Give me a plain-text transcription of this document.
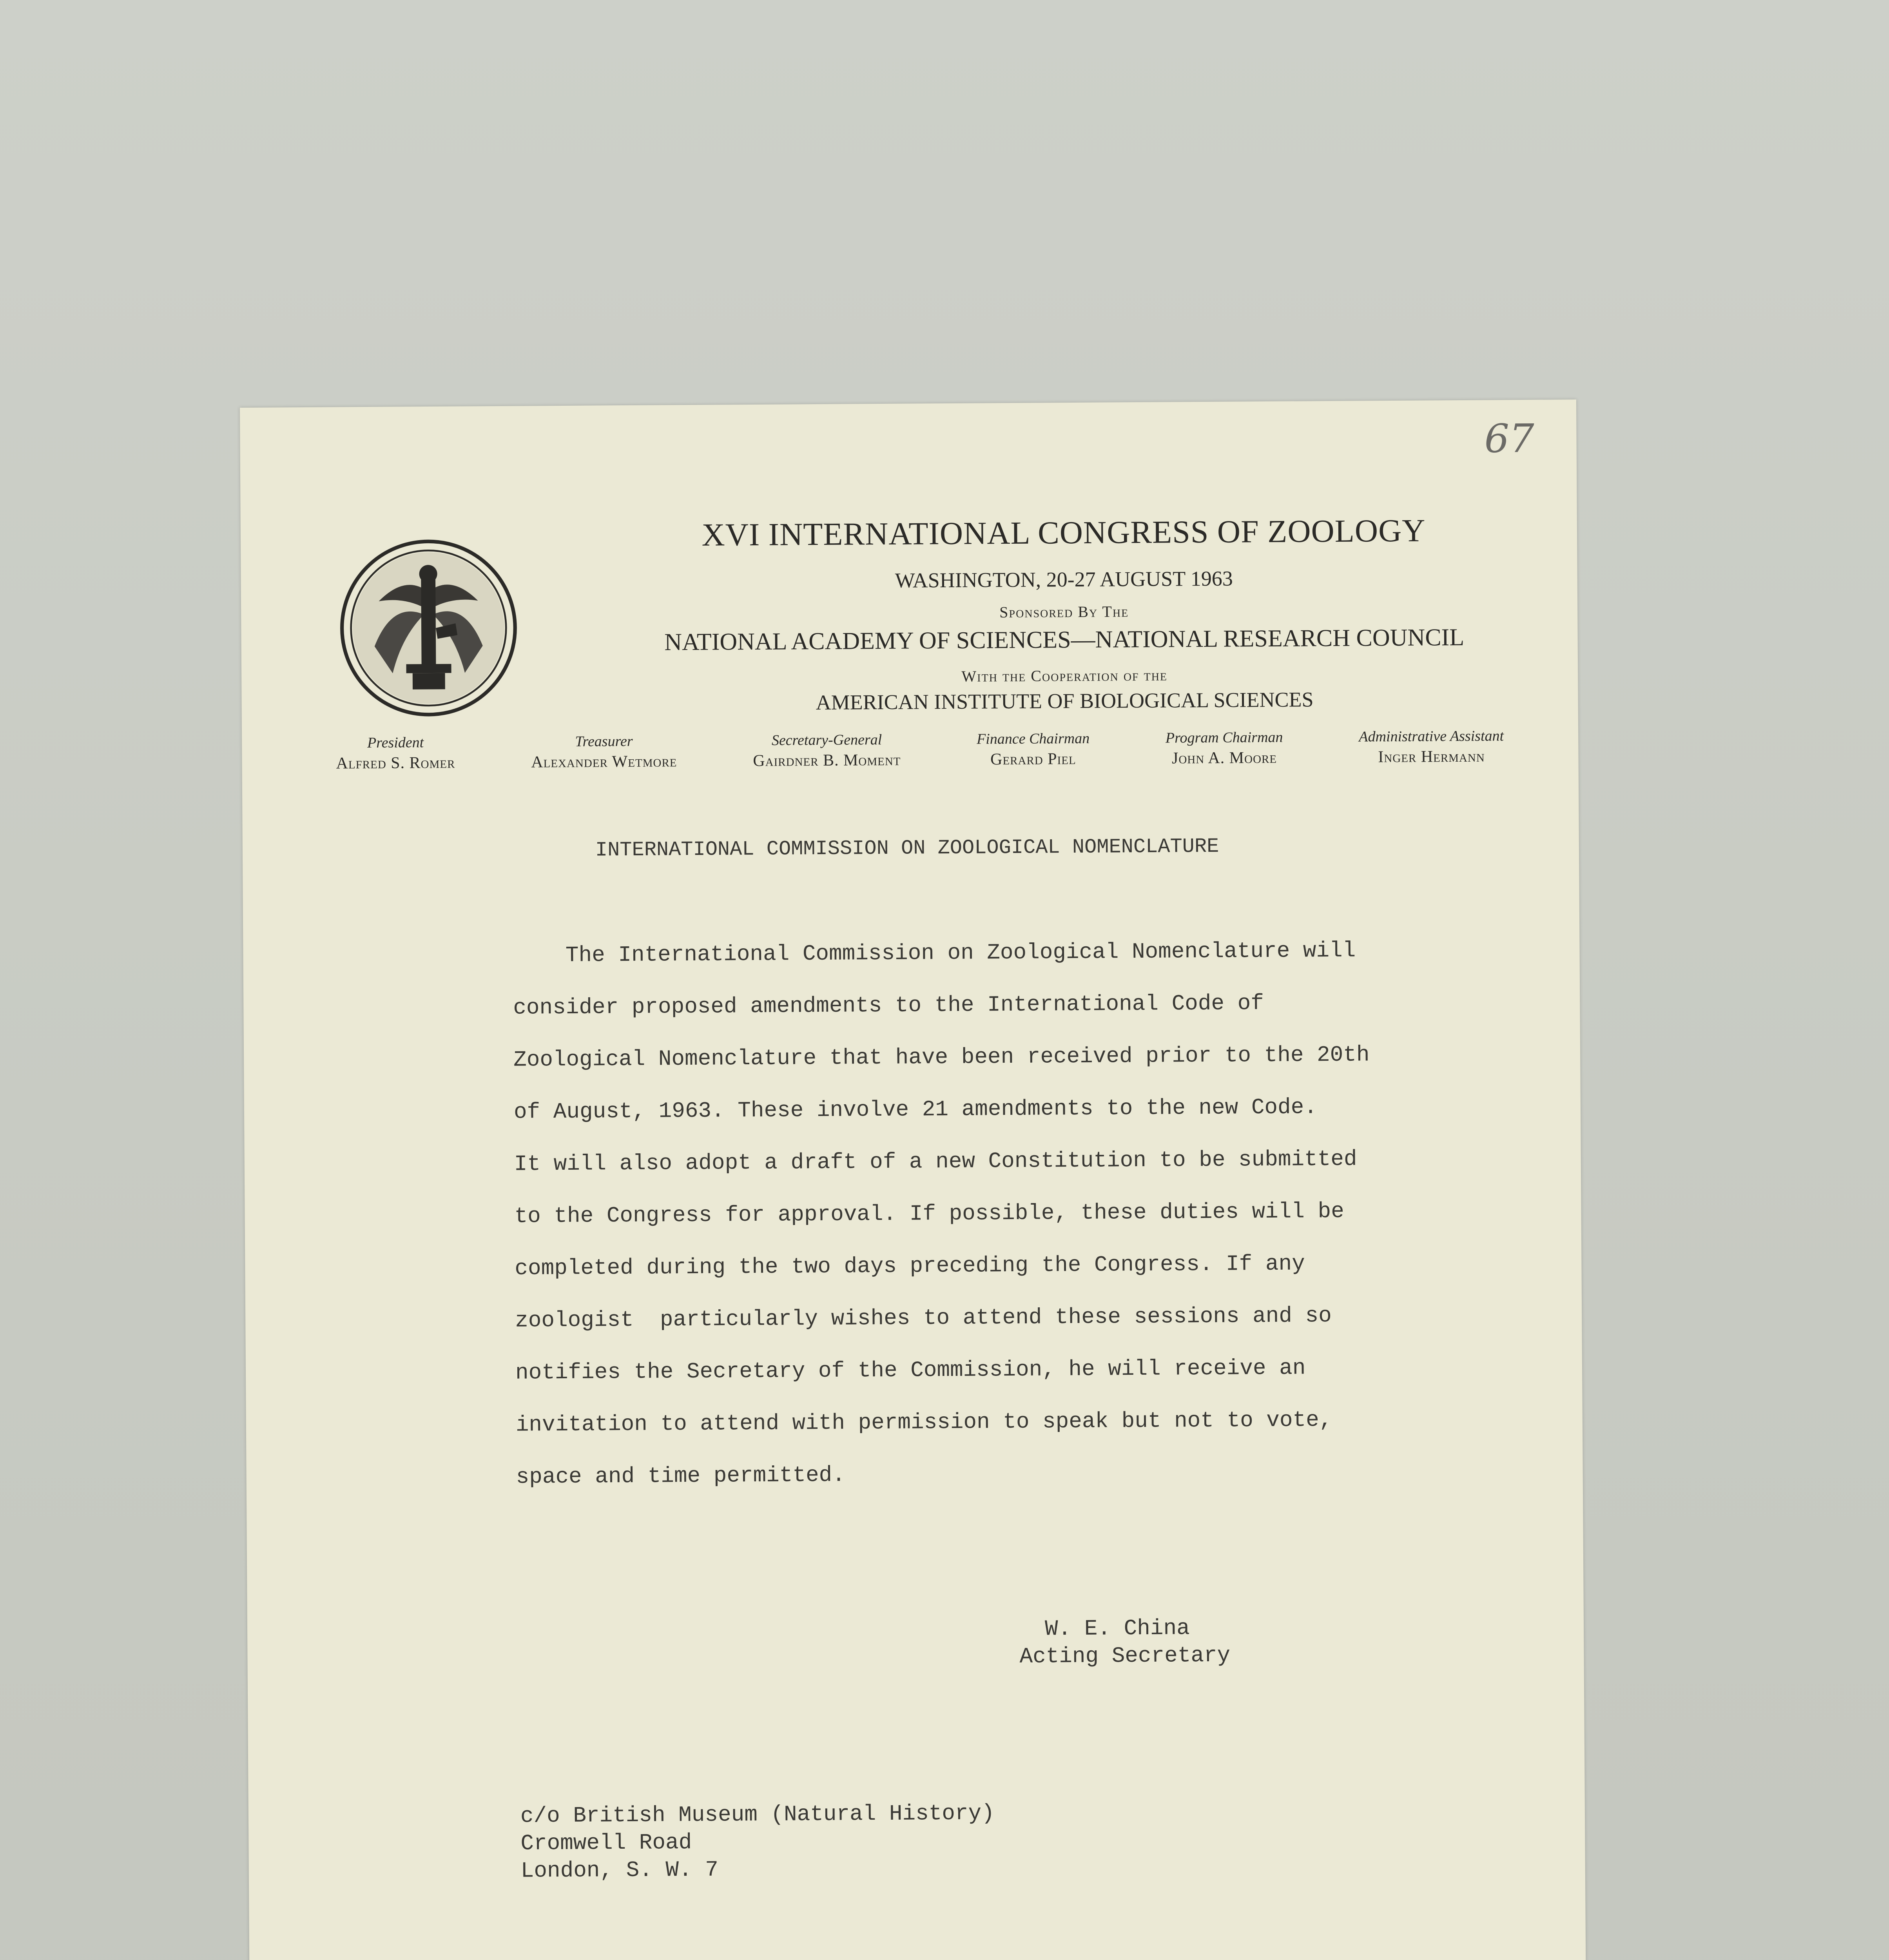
67
XVI INTERNATIONAL CONGRESS OF ZOOLOGY
WASHINGTON, 20-27 AUGUST 1963
Sponsored By The
NATIONAL ACADEMY OF SCIENCES—NATIONAL RESEARCH COUNCIL
With the Cooperation of the
AMERICAN INSTITUTE OF BIOLOGICAL SCIENCES
President
Alfred S. Romer
Treasurer
Alexander Wetmore
Secretary-General
Gairdner B. Moment
Finance Chairman
Gerard Piel
Program Chairman
John A. Moore
Administrative Assistant
Inger Hermann
INTERNATIONAL COMMISSION ON ZOOLOGICAL NOMENCLATURE
The International Commission on Zoological Nomenclature will
consider proposed amendments to the International Code of
Zoological Nomenclature that have been received prior to the 20th
of August, 1963. These involve 21 amendments to the new Code.
It will also adopt a draft of a new Constitution to be submitted
to the Congress for approval. If possible, these duties will be
completed during the two days preceding the Congress. If any
zoologist  particularly wishes to attend these sessions and so
notifies the Secretary of the Commission, he will receive an
invitation to attend with permission to speak but not to vote,
space and time permitted.
W. E. China
Acting Secretary
c/o British Museum (Natural History)
Cromwell Road
London, S. W. 7
